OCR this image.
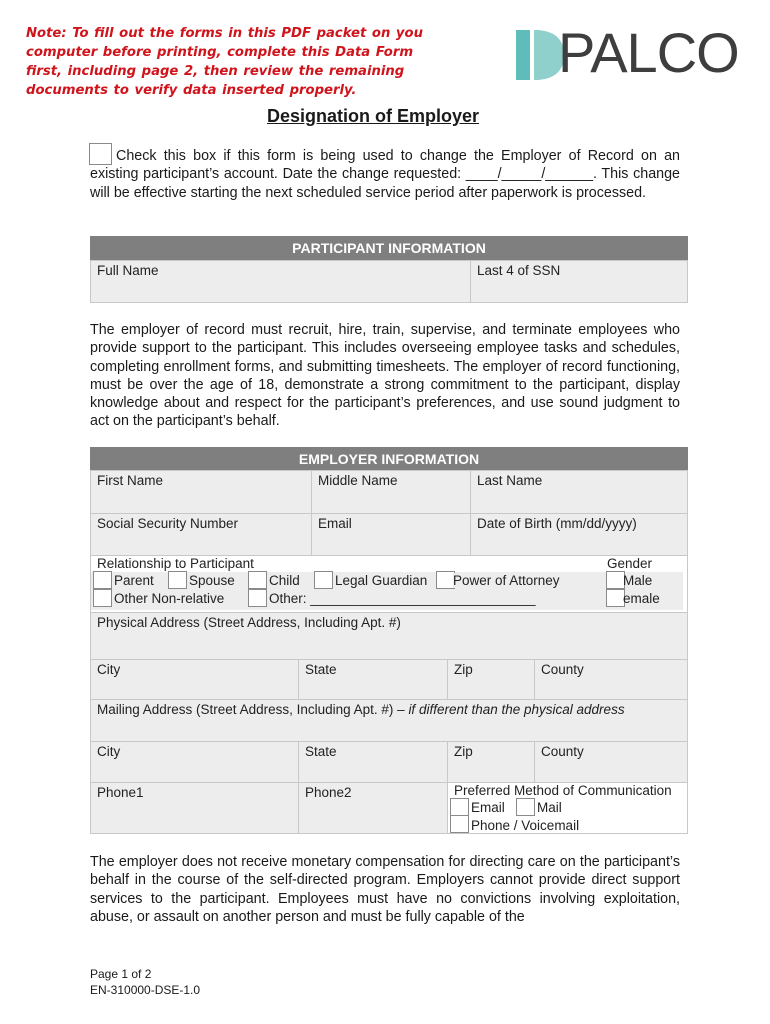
Note: To fill out the forms in this PDF packet on you computer before printing, complete this Data Form first, including page 2, then review the remaining documents to verify data inserted properly.
PALCO
Designation of Employer
Check this box if this form is being used to change the Employer of Record on an existing participant’s account. Date the change requested: ____/_____/______. This change will be effective starting the next scheduled service period after paperwork is processed.
PARTICIPANT INFORMATION
Full Name	Last 4 of SSN
The employer of record must recruit, hire, train, supervise, and terminate employees who provide support to the participant. This includes overseeing employee tasks and schedules, completing enrollment forms, and submitting timesheets. The employer of record functioning, must be over the age of 18, demonstrate a strong commitment to the participant, display knowledge about and respect for the participant’s preferences, and use sound judgment to act on the participant’s behalf.
EMPLOYER INFORMATION
First Name	Middle Name	Last Name
Social Security Number	Email	Date of Birth (mm/dd/yyyy)
Relationship to Participant	Gender
Parent	Spouse	Child	Legal Guardian Power of Attorney
Other Non-relative	Other: ______________________________
Male
emale
Physical Address (Street Address, Including Apt. #)
City	State	Zip	County
Mailing Address (Street Address, Including Apt. #) – if different than the physical address
City	State	Zip	County
Phone1	Phone2	Preferred Method of Communication
Email Mail
Phone / Voicemail
The employer does not receive monetary compensation for directing care on the participant’s behalf in the course of the self-directed program. Employers cannot provide direct support services to the participant. Employees must have no convictions involving exploitation, abuse, or assault on another person and must be fully capable of the
Page 1 of 2
EN-310000-DSE-1.0
